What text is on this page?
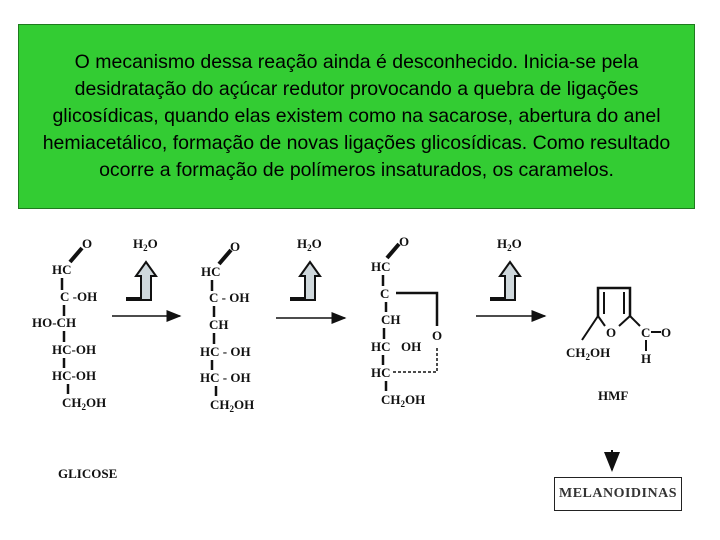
O mecanismo dessa reação ainda é desconhecido. Inicia-se pela desidratação do açúcar redutor provocando a quebra de ligações glicosídicas, quando elas existem como na sacarose, abertura do anel hemiacetálico, formação de novas ligações glicosídicas. Como resultado ocorre a formação de polímeros insaturados, os caramelos.

O
HC
C -OH
HO-CH
HC-OH
HC-OH
$CH_2OH$
GLICOSE
$H_2O$	O
HC
C - OH
CH
HC - OH
HC - OH
$CH_2OH$
$H_2O$	O
HC
C
CH
HC OH
O
HC
$CH_2OH$
$H_2O$
O
$CH_2OH$
C O
H
HMF
MELANOIDINAS
